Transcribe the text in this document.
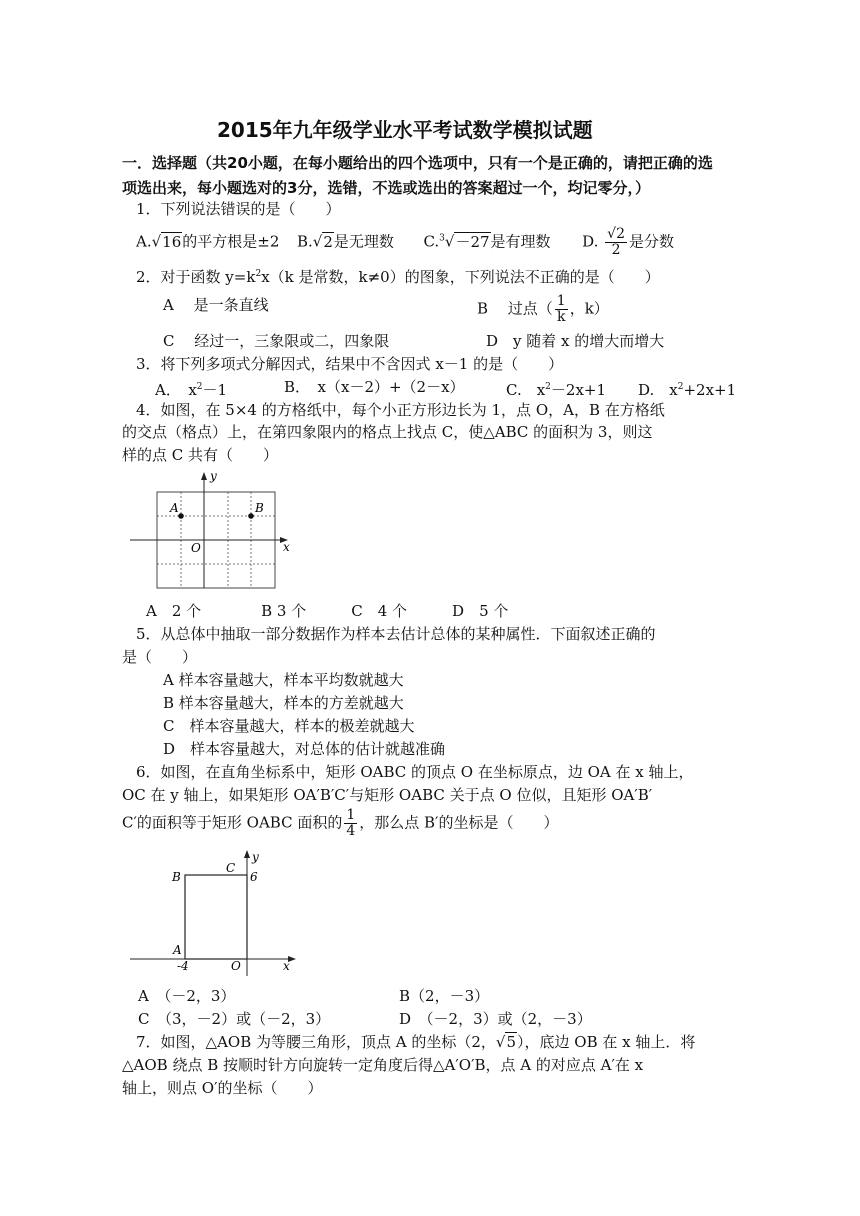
2015年九年级学业水平考试数学模拟试题
一．选择题（共20小题，在每小题给出的四个选项中，只有一个是正确的，请把正确的选
项选出来，每小题选对的3分，选错，不选或选出的答案超过一个，均记零分，）
1．下列说法错误的是（　　）
A.√16的平方根是±2 B.√2是无理数 C.$^3$√－27是有理数 D. $\frac{√2}{2}$ 是分数
2．对于函数 $y=k^2x(k$ 是常数，k≠0）的图象，下列说法不正确的是（　　）
A　 是一条直线	B　 过点（ $\frac{1}{k}$ ，k）
C　 经过一，三象限或二，四象限	D　y 随着 x 的增大而增大
3．将下列多项式分解因式，结果中不含因式 x－1 的是（　　）
A．　$x^2-1$	B．　x（x－2）+（2－x）	C.　$x^2-2x+1$ D.　$x^2+2x+1$
4．如图，在 5×4 的方格纸中，每个小正方形边长为 1，点 O，A，B 在方格纸
的交点（格点）上，在第四象限内的格点上找点 C，使△ABC 的面积为 3，则这
样的点 C 共有（　　）
y
x
O
A	B
A　2 个　　　　B 3 个　　　C　4 个　　　D　5 个
5．从总体中抽取一部分数据作为样本去估计总体的某种属性．下面叙述正确的
是（　　）
A 样本容量越大，样本平均数就越大
B 样本容量越大，样本的方差就越大
C　样本容量越大，样本的极差就越大
D　样本容量越大，对总体的估计就越准确
6．如图，在直角坐标系中，矩形 OABC 的顶点 O 在坐标原点，边 OA 在 x 轴上，
OC 在 y 轴上，如果矩形 OA′B′C′与矩形 OABC 关于点 O 位似，且矩形 OA′B′
C′的面积等于矩形 OABC 面积的 $\frac{1}{4}$ ，那么点 B′的坐标是（　　）
C
y
B	6
A
-4	O	x
A　（－2，3）	B（2，－3）
C　（3，－2）或（－2，3）	D　（－2，3）或（2，－3）
7．如图，△AOB 为等腰三角形，顶点 A 的坐标（2，√5），底边 OB 在 x 轴上．将
△AOB 绕点 B 按顺时针方向旋转一定角度后得△A′O′B，点 A 的对应点 A′在 x
轴上，则点 O′的坐标（　　）
